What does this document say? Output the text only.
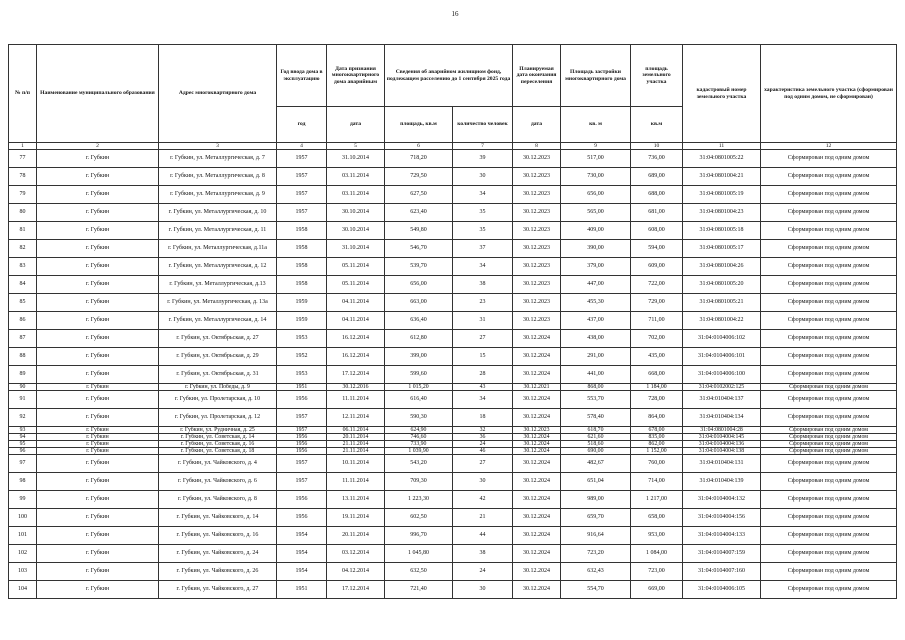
16
№ п/п	Наименование муниципального образования	Адрес многоквартирного дома	Год ввода дома в эксплуатацию	Дата признания многоквартирного дома аварийным	Сведения об аварийном жилищном фонд, подлежащем расселению до 1 сентября 2025 года		Планируемая дата окончания переселения	Площадь застройки многоквартирного дома	площадь земельного участка	кадастровый номер земельного участка	характеристика земельного участка (сформирован под одним домом, не сформирован)
			год	дата	площадь, кв.м	количество человек	дата	кв. м	кв.м		
1	2	3	4	5	6	7	8	9	10	11	12
77	г. Губкин	г. Губкин, ул. Металлургическая, д. 7	1957	31.10.2014	718,20	39	30.12.2023	517,00	736,00	31:04:0801005:22	Сформирован под одним домом
78	г. Губкин	г. Губкин, ул. Металлургическая, д. 8	1957	03.11.2014	729,50	30	30.12.2023	730,00	689,00	31:04:0801004:21	Сформирован под одним домом
79	г. Губкин	г. Губкин, ул. Металлургическая, д. 9	1957	03.11.2014	627,50	34	30.12.2023	656,00	688,00	31:04:0801005:19	Сформирован под одним домом
80	г. Губкин	г. Губкин, ул. Металлургическая, д. 10	1957	30.10.2014	623,40	35	30.12.2023	565,00	681,00	31:04:0801004:23	Сформирован под одним домом
81	г. Губкин	г. Губкин, ул. Металлургическая, д. 11	1958	30.10.2014	549,80	35	30.12.2023	409,00	608,00	31:04:0801005:18	Сформирован под одним домом
82	г. Губкин	г. Губкин, ул. Металлургическая, д.11а	1958	31.10.2014	546,70	37	30.12.2023	390,00	594,00	31:04:0801005:17	Сформирован под одним домом
83	г. Губкин	г. Губкин, ул. Металлургическая, д. 12	1958	05.11.2014	539,70	34	30.12.2023	379,00	609,00	31:04:0801004:26	Сформирован под одним домом
84	г. Губкин	г. Губкин, ул. Металлургическая, д.13	1958	05.11.2014	656,00	38	30.12.2023	447,00	722,00	31:04:0801005:20	Сформирован под одним домом
85	г. Губкин	г. Губкин, ул. Металлургическая, д. 13а	1959	04.11.2014	663,00	23	30.12.2023	455,30	729,00	31:04:0801005:21	Сформирован под одним домом
86	г. Губкин	г. Губкин, ул. Металлургическая, д. 14	1959	04.11.2014	636,40	31	30.12.2023	437,00	711,00	31:04:0801004:22	Сформирован под одним домом
87	г. Губкин	г. Губкин, ул. Октябрьская, д. 27	1953	16.12.2014	612,80	27	30.12.2024	438,00	702,00	31:04:0104006:102	Сформирован под одним домом
88	г. Губкин	г. Губкин, ул. Октябрьская, д. 29	1952	16.12.2014	399,00	15	30.12.2024	291,00	435,00	31:04:0104006:101	Сформирован под одним домом
89	г. Губкин	г. Губкин, ул. Октябрьская, д. 31	1953	17.12.2014	599,60	28	30.12.2024	441,00	668,00	31:04:0104006:100	Сформирован под одним домом
90	г. Губкин	г. Губкин, ул. Победы, д. 9	1951	30.12.2016	1 015,20	43	30.12.2021	868,00	1 184,00	31:04:0102002:125	Сформирован под одним домом
91	г. Губкин	г. Губкин, ул. Пролетарская, д. 10	1956	11.11.2014	616,40	34	30.12.2024	553,70	728,00	31:04:010404:137	Сформирован под одним домом
92	г. Губкин	г. Губкин, ул. Пролетарская, д. 12	1957	12.11.2014	590,30	18	30.12.2024	578,40	864,00	31:04:010404:134	Сформирован под одним домом
93	г. Губкин	г. Губкин, ул. Рудничная, д. 25	1957	06.11.2014	624,90	32	30.12.2023	618,70	678,00	31:04:0801004:28	Сформирован под одним домом
94	г. Губкин	г. Губкин, ул. Советская, д. 14	1956	20.11.2014	746,60	36	30.12.2024	621,60	835,00	31:04:0104004:145	Сформирован под одним домом
95	г. Губкин	г. Губкин, ул. Советская, д. 16	1956	21.11.2014	733,90	24	30.12.2024	518,60	862,00	31:04:0104004:136	Сформирован под одним домом
96	г. Губкин	г. Губкин, ул. Советская, д. 18	1956	21.11.2014	1 039,90	46	30.12.2024	690,00	1 152,00	31:04:0104004:138	Сформирован под одним домом
97	г. Губкин	г. Губкин, ул. Чайковского, д. 4	1957	10.11.2014	543,20	27	30.12.2024	482,67	760,00	31:04:010404:131	Сформирован под одним домом
98	г. Губкин	г. Губкин, ул. Чайковского, д. 6	1957	11.11.2014	709,30	30	30.12.2024	651,04	714,00	31:04:010404:139	Сформирован под одним домом
99	г. Губкин	г. Губкин, ул. Чайковского, д. 8	1956	13.11.2014	1 223,30	42	30.12.2024	989,00	1 217,00	31:04:0104004:132	Сформирован под одним домом
100	г. Губкин	г. Губкин, ул. Чайковского, д. 14	1956	19.11.2014	602,50	21	30.12.2024	659,70	658,00	31:04:0104004:156	Сформирован под одним домом
101	г. Губкин	г. Губкин, ул. Чайковского, д. 16	1954	20.11.2014	996,70	44	30.12.2024	916,64	953,00	31:04:0104004:133	Сформирован под одним домом
102	г. Губкин	г. Губкин, ул. Чайковского, д. 24	1954	03.12.2014	1 045,80	38	30.12.2024	723,20	1 084,00	31:04:0104007:159	Сформирован под одним домом
103	г. Губкин	г. Губкин, ул. Чайковского, д. 26	1954	04.12.2014	632,50	24	30.12.2024	632,43	723,00	31:04:0104007:160	Сформирован под одним домом
104	г. Губкин	г. Губкин, ул. Чайковского, д. 27	1951	17.12.2014	721,40	30	30.12.2024	554,70	669,00	31:04:0104006:105	Сформирован под одним домом
